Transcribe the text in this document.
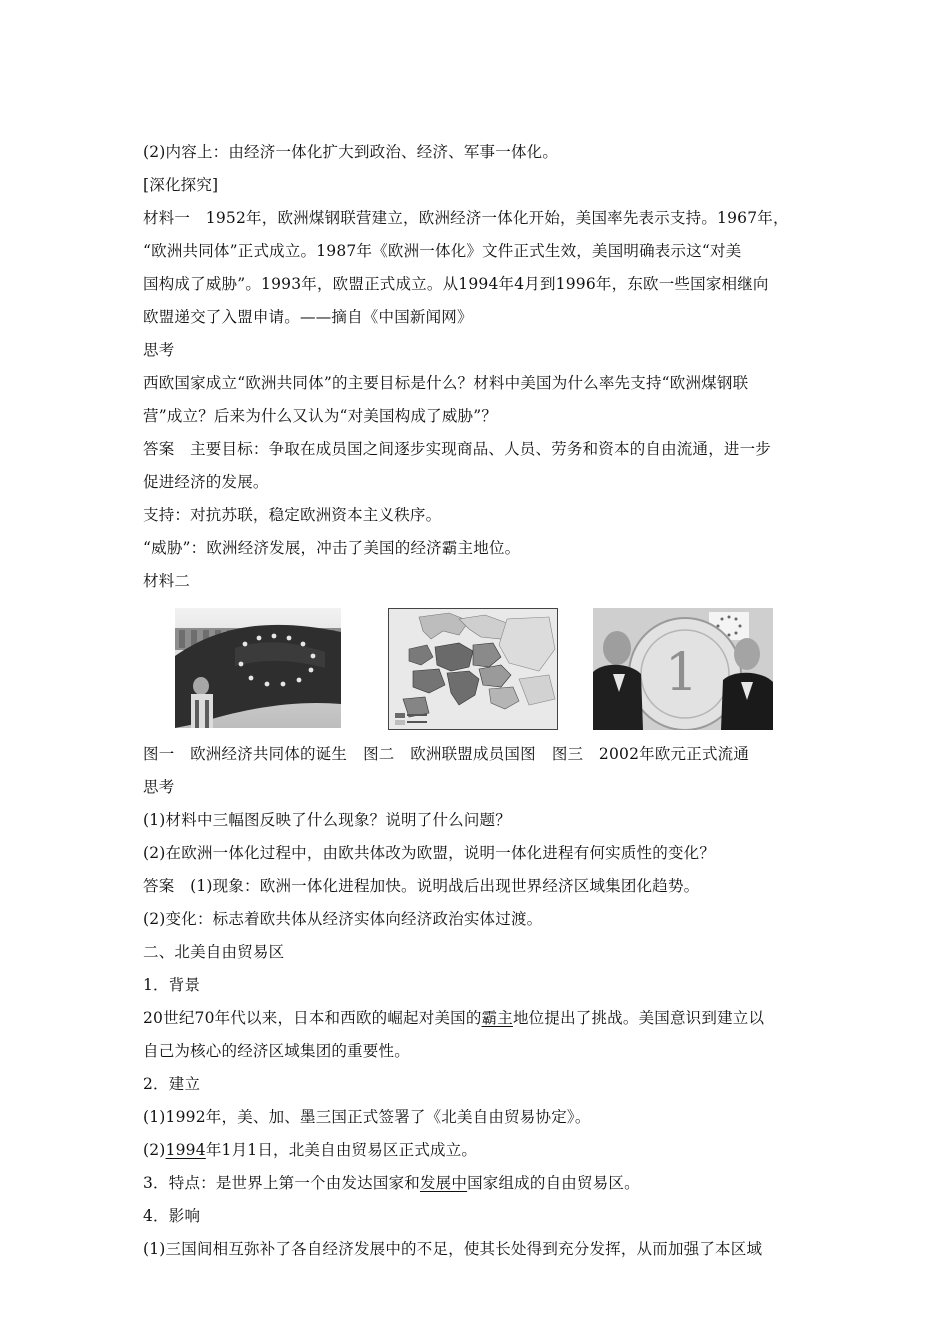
(2)内容上：由经济一体化扩大到政治、经济、军事一体化。
[深化探究]
材料一　1952年，欧洲煤钢联营建立，欧洲经济一体化开始，美国率先表示支持。1967年，
“欧洲共同体”正式成立。1987年《欧洲一体化》文件正式生效，美国明确表示这“对美
国构成了威胁”。1993年，欧盟正式成立。从1994年4月到1996年，东欧一些国家相继向
欧盟递交了入盟申请。——摘自《中国新闻网》
思考
西欧国家成立“欧洲共同体”的主要目标是什么？材料中美国为什么率先支持“欧洲煤钢联
营”成立？后来为什么又认为“对美国构成了威胁”？
答案　主要目标：争取在成员国之间逐步实现商品、人员、劳务和资本的自由流通，进一步
促进经济的发展。
支持：对抗苏联，稳定欧洲资本主义秩序。
“威胁”：欧洲经济发展，冲击了美国的经济霸主地位。
材料二
1
图一　欧洲经济共同体的诞生 图二　欧洲联盟成员国图 图三　2002年欧元正式流通
思考
(1)材料中三幅图反映了什么现象？说明了什么问题？
(2)在欧洲一体化过程中，由欧共体改为欧盟，说明一体化进程有何实质性的变化？
答案　(1)现象：欧洲一体化进程加快。说明战后出现世界经济区域集团化趋势。
(2)变化：标志着欧共体从经济实体向经济政治实体过渡。
二、北美自由贸易区
1．背景
20世纪70年代以来，日本和西欧的崛起对美国的霸主地位提出了挑战。美国意识到建立以
自己为核心的经济区域集团的重要性。
2．建立
(1)1992年，美、加、墨三国正式签署了《北美自由贸易协定》。
(2)1994年1月1日，北美自由贸易区正式成立。
3．特点：是世界上第一个由发达国家和发展中国家组成的自由贸易区。
4．影响
(1)三国间相互弥补了各自经济发展中的不足，使其长处得到充分发挥，从而加强了本区域
